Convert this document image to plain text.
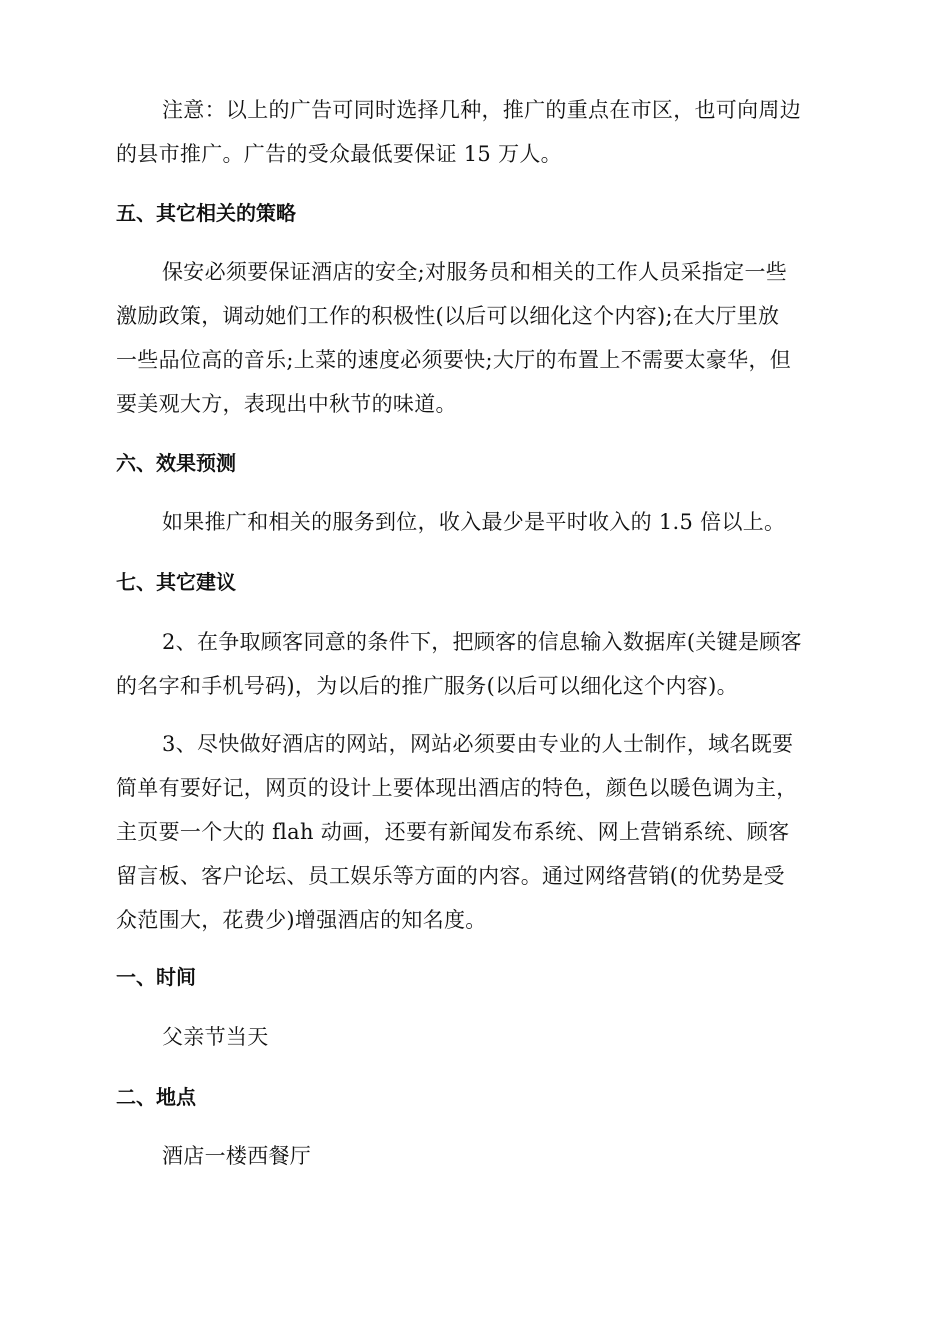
注意：以上的广告可同时选择几种，推广的重点在市区，也可向周边
的县市推广。广告的受众最低要保证 15 万人。

五、其它相关的策略

保安必须要保证酒店的安全;对服务员和相关的工作人员采指定一些
激励政策，调动她们工作的积极性(以后可以细化这个内容);在大厅里放
一些品位高的音乐;上菜的速度必须要快;大厅的布置上不需要太豪华，但
要美观大方，表现出中秋节的味道。

六、效果预测

如果推广和相关的服务到位，收入最少是平时收入的 1.5 倍以上。

七、其它建议

2、在争取顾客同意的条件下，把顾客的信息输入数据库(关键是顾客
的名字和手机号码)，为以后的推广服务(以后可以细化这个内容)。

3、尽快做好酒店的网站，网站必须要由专业的人士制作，域名既要
简单有要好记，网页的设计上要体现出酒店的特色，颜色以暖色调为主，
主页要一个大的 flah 动画，还要有新闻发布系统、网上营销系统、顾客
留言板、客户论坛、员工娱乐等方面的内容。通过网络营销(的优势是受
众范围大，花费少)增强酒店的知名度。

一、时间

父亲节当天

二、地点

酒店一楼西餐厅
